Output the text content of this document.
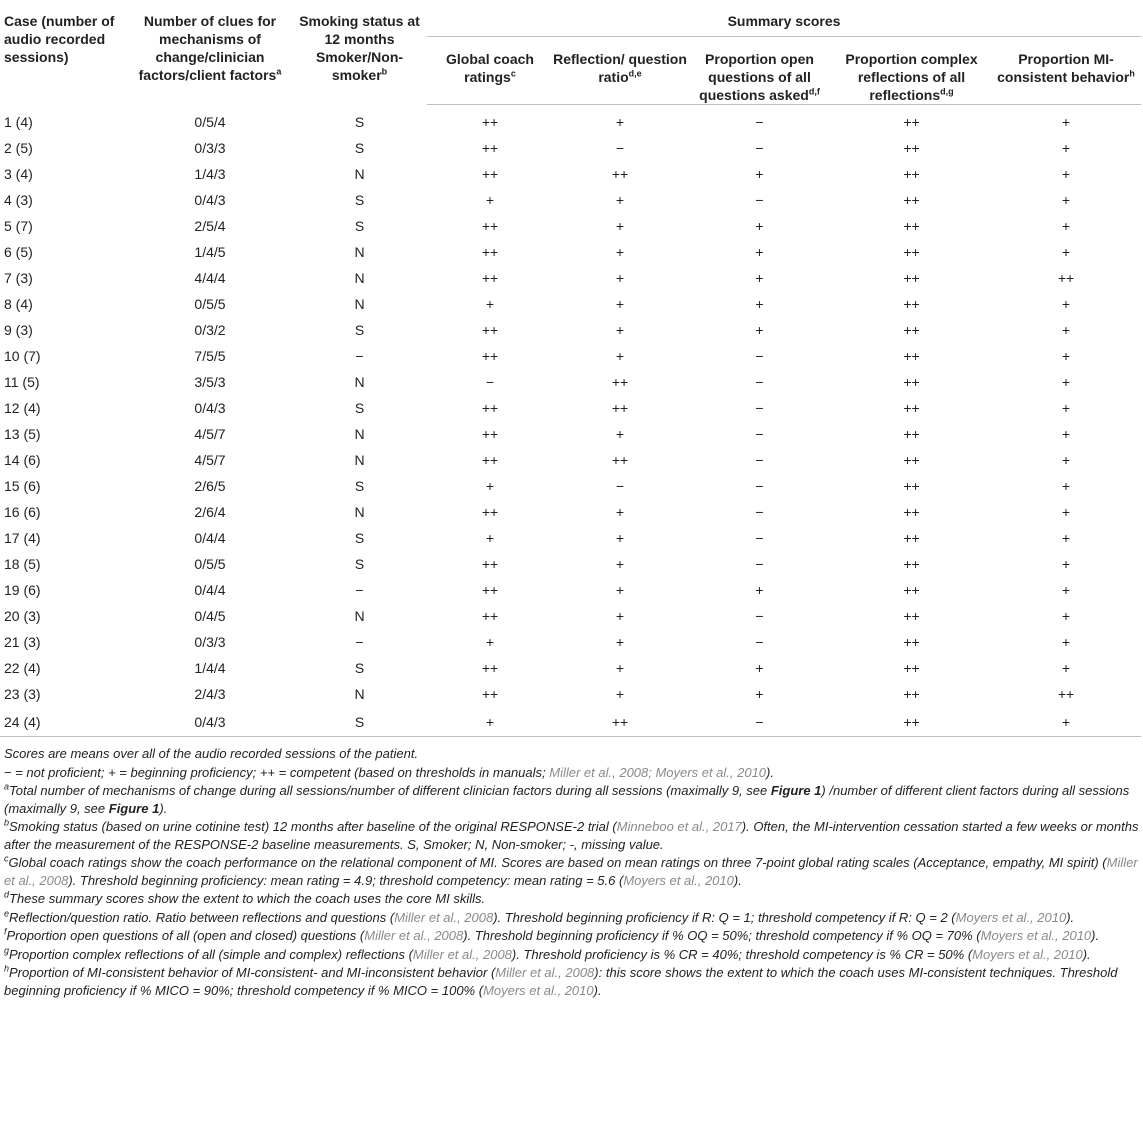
Case (number of audio recorded sessions)	Number of clues for mechanisms of change/clinician factors/client factors$^a$	Smoking status at 12 months Smoker/Non-smoker$^b$	Summary scores				
			Global coach ratings$^c$	Reflection/ question ratio$^{d,e}$	Proportion open questions of all questions asked$^{d,f}$	Proportion complex reflections of all reflections$^{d,g}$	Proportion MI-consistent behavior$^h$
1 (4)	0/5/4	S	++	+	−	++	+
2 (5)	0/3/3	S	++	−	−	++	+
3 (4)	1/4/3	N	++	++	+	++	+
4 (3)	0/4/3	S	+	+	−	++	+
5 (7)	2/5/4	S	++	+	+	++	+
6 (5)	1/4/5	N	++	+	+	++	+
7 (3)	4/4/4	N	++	+	+	++	++
8 (4)	0/5/5	N	+	+	+	++	+
9 (3)	0/3/2	S	++	+	+	++	+
10 (7)	7/5/5	−	++	+	−	++	+
11 (5)	3/5/3	N	−	++	−	++	+
12 (4)	0/4/3	S	++	++	−	++	+
13 (5)	4/5/7	N	++	+	−	++	+
14 (6)	4/5/7	N	++	++	−	++	+
15 (6)	2/6/5	S	+	−	−	++	+
16 (6)	2/6/4	N	++	+	−	++	+
17 (4)	0/4/4	S	+	+	−	++	+
18 (5)	0/5/5	S	++	+	−	++	+
19 (6)	0/4/4	−	++	+	+	++	+
20 (3)	0/4/5	N	++	+	−	++	+
21 (3)	0/3/3	−	+	+	−	++	+
22 (4)	1/4/4	S	++	+	+	++	+
23 (3)	2/4/3	N	++	+	+	++	++
24 (4)	0/4/3	S	+	++	−	++	+
Scores are means over all of the audio recorded sessions of the patient.
− = not proficient; + = beginning proficiency; ++ = competent (based on thresholds in manuals; Miller et al., 2008; Moyers et al., 2010).
$^a$Total number of mechanisms of change during all sessions/number of different clinician factors during all sessions (maximally 9, see Figure 1) /number of different client factors during all sessions (maximally 9, see Figure 1).
$^b$Smoking status (based on urine cotinine test) 12 months after baseline of the original RESPONSE-2 trial (Minneboo et al., 2017). Often, the MI-intervention cessation started a few weeks or months after the measurement of the RESPONSE-2 baseline measurements. S, Smoker; N, Non-smoker; -, missing value.
$^c$Global coach ratings show the coach performance on the relational component of MI. Scores are based on mean ratings on three 7-point global rating scales (Acceptance, empathy, MI spirit) (Miller et al., 2008). Threshold beginning proficiency: mean rating = 4.9; threshold competency: mean rating = 5.6 (Moyers et al., 2010).
$^d$These summary scores show the extent to which the coach uses the core MI skills.
$^e$Reflection/question ratio. Ratio between reflections and questions (Miller et al., 2008). Threshold beginning proficiency if R: Q = 1; threshold competency if R: Q = 2 (Moyers et al., 2010).
$^f$Proportion open questions of all (open and closed) questions (Miller et al., 2008). Threshold beginning proficiency if % OQ = 50%; threshold competency if % OQ = 70% (Moyers et al., 2010).
$^g$Proportion complex reflections of all (simple and complex) reflections (Miller et al., 2008). Threshold proficiency is % CR = 40%; threshold competency is % CR = 50% (Moyers et al., 2010).
$^h$Proportion of MI-consistent behavior of MI-consistent- and MI-inconsistent behavior (Miller et al., 2008): this score shows the extent to which the coach uses MI-consistent techniques. Threshold beginning proficiency if % MICO = 90%; threshold competency if % MICO = 100% (Moyers et al., 2010).
